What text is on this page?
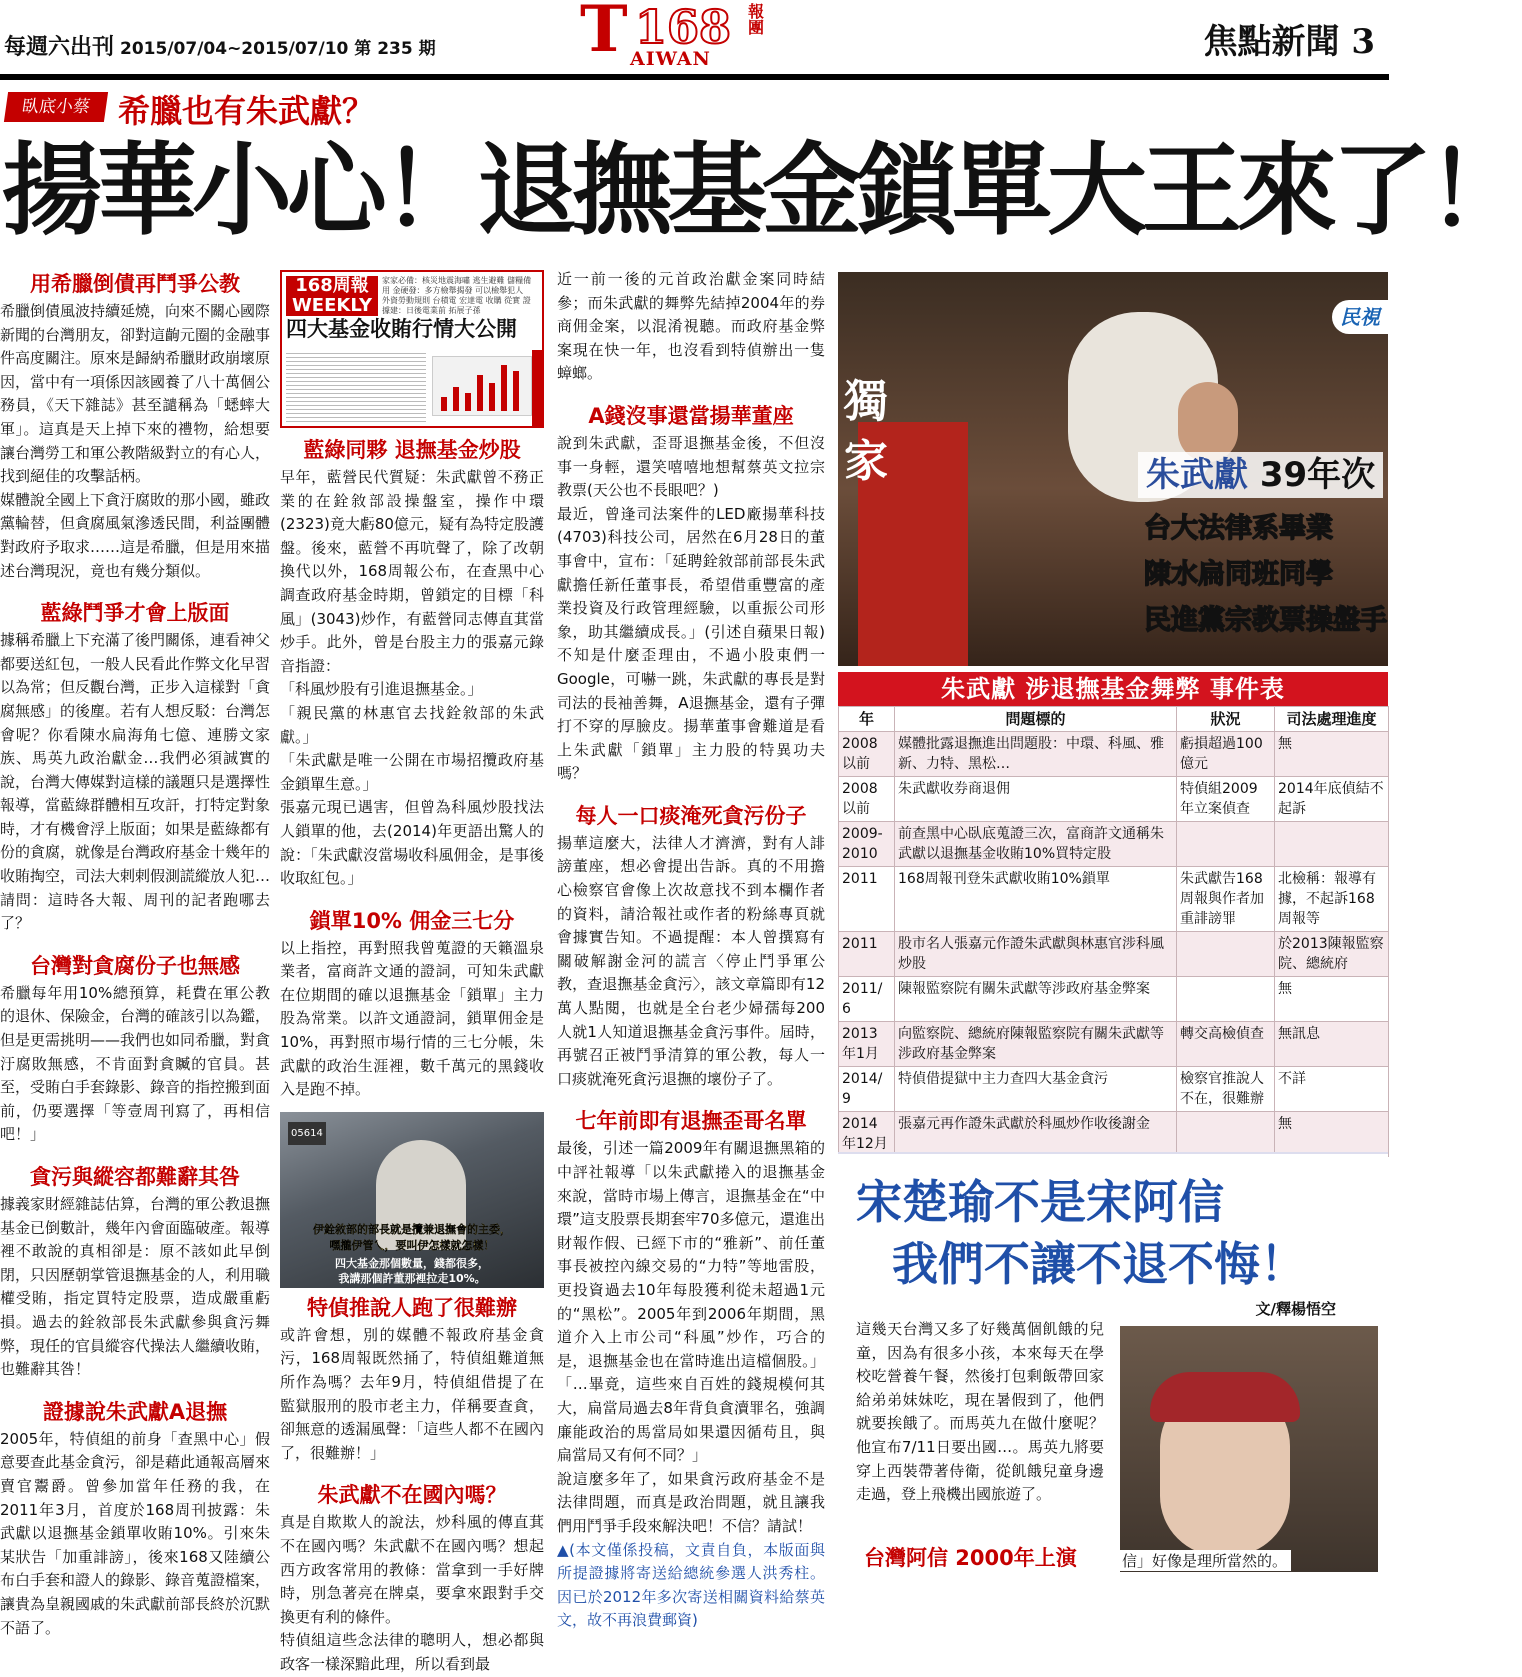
每週六出刊 2015/07/04~2015/07/10 第 235 期 T 168 報 團
AIWAN	焦點新聞 3
臥底小蔡 希臘也有朱武獻？
揚華小心！退撫基金鎖單大王來了！
用希臘倒債再鬥爭公教

希臘倒債風波持續延燒，向來不關心國際新聞的台灣朋友，卻對這齣元圈的金融事件高度關注。原來是歸納希臘財政崩壞原因，當中有一項係因該國養了八十萬個公務員，《天下雜誌》甚至譴稱為「蟋蟀大軍」。這真是天上掉下來的禮物，給想要讓台灣勞工和軍公教階級對立的有心人，找到絕佳的攻擊話柄。

媒體說全國上下貪汙腐敗的那小國，雖政黨輪替，但貪腐風氣滲透民間，利益團體對政府予取求……這是希臘，但是用來描述台灣現況，竟也有幾分類似。

藍綠鬥爭才會上版面

據稱希臘上下充滿了後門關係，連看神父都要送紅包，一般人民看此作弊文化早習以為常；但反觀台灣，正步入這樣對「貪腐無感」的後塵。若有人想反駁：台灣怎會呢？你看陳水扁海角七億、連勝文家族、馬英九政治獻金…我們必須誠實的說，台灣大傳媒對這樣的議題只是選擇性報導，當藍綠群體相互攻訐，打特定對象時，才有機會浮上版面；如果是藍綠都有份的貪腐，就像是台灣政府基金十幾年的收賄掏空，司法大剌剌假測謊縱放人犯…請問：這時各大報、周刊的記者跑哪去了？

台灣對貪腐份子也無感

希臘每年用10%總預算，耗費在軍公教的退休、保險金，台灣的確該引以為鑑，但是更需挑明——我們也如同希臘，對貪汙腐敗無感，不肯面對貪贓的官員。甚至，受賄白手套錄影、錄音的指控搬到面前，仍要選擇「等壹周刊寫了，再相信吧！」

貪污與縱容都難辭其咎

據義家財經雜誌估算，台灣的軍公教退撫基金已倒數計，幾年內會面臨破產。報導裡不敢說的真相卻是：原不該如此早倒閉，只因歷朝掌管退撫基金的人，利用職權受賄，指定買特定股票，造成嚴重虧損。過去的銓敘部長朱武獻參與貪污舞弊，現任的官員縱容代操法人繼續收賄，也難辭其咎！

證據說朱武獻A退撫

2005年，特偵組的前身「查黑中心」假意要查此基金貪污，卻是藉此通報高層來賣官鬻爵。曾參加當年任務的我，在2011年3月，首度於168周刊披露：朱武獻以退撫基金鎖單收賄10%。引來朱某狀告「加重誹謗」，後來168又陸續公布白手套和證人的錄影、錄音蒐證檔案，讓貴為皇親國戚的朱武獻前部長終於沉默不語了。

168周報 WEEKLY
家家必備：核災地震海嘯 逃生避難 儲糧備用 金硬發：多方檢舉揭發 可以檢舉犯人 外資勞動規則 台積電 宏達電 收購 從實 證據建：日後電業前 拓展子孫
四大基金收賄行情大公開
藍綠同夥 退撫基金炒股

早年，藍營民代質疑：朱武獻曾不務正業的在銓敘部設操盤室，操作中環(2323)竟大虧80億元，疑有為特定股護盤。後來，藍營不再吭聲了，除了改朝換代以外，168周報公布，在查黑中心調查政府基金時期，曾鎖定的目標「科風」(3043)炒作，有藍營同志傳直萁當炒手。此外，曾是台股主力的張嘉元錄音指證：

「科風炒股有引進退撫基金。」

「親民黨的林惠官去找銓敘部的朱武獻。」

「朱武獻是唯一公開在市場招攬政府基金鎖單生意。」

張嘉元現已遇害，但曾為科風炒股找法人鎖單的他，去(2014)年更語出驚人的說：「朱武獻沒當場收科風佣金，是事後收取紅包。」

鎖單10% 佣金三七分

以上指控，再對照我曾蒐證的天籟溫泉業者，富商許文通的證詞，可知朱武獻在位期間的確以退撫基金「鎖單」主力股為常業。以許文通證詞，鎖單佣金是10%，再對照市場行情的三七分帳，朱武獻的政治生涯裡，數千萬元的黑錢收入是跑不掉。

05614
伊銓敘部的部長就是攬兼退撫會的主委，
嘿攏伊管乀，要叫伊怎樣就怎樣！
四大基金那個數量，錢都很多，
我講那個許董那裡拉走10%。
特偵推說人跑了很難辦

或許會想，別的媒體不報政府基金貪污，168周報既然捅了，特偵組難道無所作為嗎？去年9月，特偵組借提了在監獄服刑的股市老主力，佯稱要查貪，卻無意的透漏風聲：「這些人都不在國內了，很難辦！」

朱武獻不在國內嗎？

真是自欺欺人的說法，炒科風的傳直萁不在國內嗎？朱武獻不在國內嗎？想起西方政客常用的教條：當拿到一手好牌時，別急著亮在牌桌，要拿來跟對手交換更有利的條件。

特偵組這些念法律的聰明人，想必都與政客一樣深黯此理，所以看到最

近一前一後的元首政治獻金案同時結參；而朱武獻的舞弊先結掉2004年的券商佣金案，以混淆視聽。而政府基金弊案現在快一年，也沒看到特偵辦出一隻蟑螂。

A錢沒事還當揚華董座

說到朱武獻，歪哥退撫基金後，不但沒事一身輕，還笑嘻嘻地想幫蔡英文拉宗教票(天公也不長眼吧？)

最近，曾逢司法案件的LED廠揚華科技(4703)科技公司，居然在6月28日的董事會中，宣布：「延聘銓敘部前部長朱武獻擔任新任董事長，希望借重豐富的產業投資及行政管理經驗，以重振公司形象，助其繼續成長。」(引述自蘋果日報)不知是什麼歪理由，不過小股東們一Google，可嚇一跳，朱武獻的專長是對司法的長袖善舞，A退撫基金，還有子彈打不穿的厚臉皮。揚華董事會難道是看上朱武獻「鎖單」主力股的特異功夫嗎？

每人一口痰淹死貪污份子

揚華這麼大，法律人才濟濟，對有人誹謗董座，想必會提出告訴。真的不用擔心檢察官會像上次故意找不到本欄作者的資料，請洽報社或作者的粉絲專頁就會據實告知。不過提醒：本人曾撰寫有關破解謝金河的謊言〈停止鬥爭軍公教，查退撫基金貪污〉，該文章篇即有12萬人點閱，也就是全台老少婦孺每200人就1人知道退撫基金貪污事件。屆時，再號召正被鬥爭清算的軍公教，每人一口痰就淹死貪污退撫的壞份子了。

七年前即有退撫歪哥名單

最後，引述一篇2009年有關退撫黑箱的中評社報導「以朱武獻捲入的退撫基金來說，當時市場上傳言，退撫基金在“中環”這支股票長期套牢70多億元，還進出財報作假、已經下市的“雅新”、前任董事長被控內線交易的“力特”等地雷股，更投資過去10年每股獲利從未超過1元的“黑松”。2005年到2006年期間，黑道介入上市公司“科風”炒作，巧合的是，退撫基金也在當時進出這檔個股。」「…畢竟，這些來自百姓的錢規模何其大，扁當局過去8年背負貪瀆罪名，強調廉能政治的馬當局如果還因循苟且，與扁當局又有何不同？」

說這麼多年了，如果貪污政府基金不是法律問題，而真是政治問題，就且讓我們用鬥爭手段來解決吧！不信？請試！

▲(本文僅係投稿，文責自負，本版面與所提證據將寄送給總統參選人洪秀柱。因已於2012年多次寄送相關資料給蔡英文，故不再浪費郵資)

獨 家
民視
朱武獻 39年次
台大法律系畢業
陳水扁同班同學
民進黨宗教票操盤手
朱武獻 涉退撫基金舞弊 事件表
年	問題標的	狀況	司法處理進度
2008以前	媒體批露退撫進出問題股：中環、科風、雅新、力特、黑松…	虧損超過100億元	無
2008以前	朱武獻收券商退佣	特偵組2009年立案偵查	2014年底偵結不起訴
2009-2010	前查黑中心臥底蒐證三次，富商許文通稱朱武獻以退撫基金收賄10%買特定股		
2011	168周報刊登朱武獻收賄10%鎖單	朱武獻告168周報與作者加重誹謗罪	北檢稱：報導有據，不起訴168周報等
2011	股市名人張嘉元作證朱武獻與林惠官涉科風炒股		於2013陳報監察院、總統府
2011/6	陳報監察院有關朱武獻等涉政府基金弊案		無
2013年1月	向監察院、總統府陳報監察院有關朱武獻等涉政府基金弊案	轉交高檢偵查	無訊息
2014/9	特偵借提獄中主力查四大基金貪污	檢察官推說人不在，很難辦	不詳
2014年12月	張嘉元再作證朱武獻於科風炒作收後謝金		無
宋楚瑜不是宋阿信
我們不讓不退不悔！
文/釋楊悟空
這幾天台灣又多了好幾萬個飢餓的兒童，因為有很多小孩，本來每天在學校吃營養午餐，然後打包剩飯帶回家給弟弟妹妹吃，現在暑假到了，他們就要挨餓了。而馬英九在做什麼呢？他宣布7/11日要出國…。馬英九將要穿上西裝帶著侍衛，從飢餓兒童身邊走過，登上飛機出國旅遊了。
台灣阿信 2000年上演	信」好像是理所當然的。
